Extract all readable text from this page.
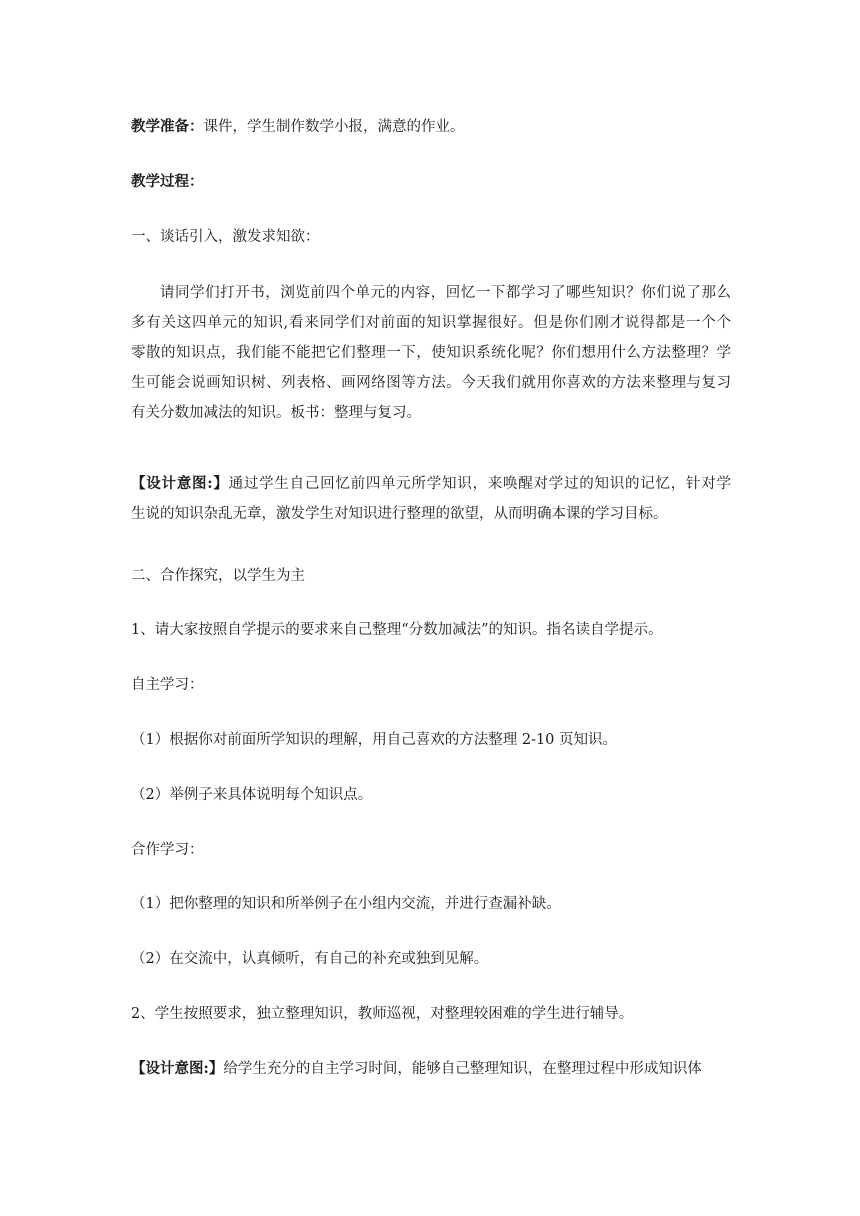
教学准备：课件，学生制作数学小报，满意的作业。
教学过程：
一、谈话引入，激发求知欲：
请同学们打开书，浏览前四个单元的内容，回忆一下都学习了哪些知识？你们说了那么
多有关这四单元的知识,看来同学们对前面的知识掌握很好。但是你们刚才说得都是一个个
零散的知识点，我们能不能把它们整理一下，使知识系统化呢？你们想用什么方法整理？学
生可能会说画知识树、列表格、画网络图等方法。今天我们就用你喜欢的方法来整理与复习
有关分数加减法的知识。板书：整理与复习。
【设计意图:】通过学生自己回忆前四单元所学知识，来唤醒对学过的知识的记忆，针对学
生说的知识杂乱无章，激发学生对知识进行整理的欲望，从而明确本课的学习目标。
二、合作探究，以学生为主
1、请大家按照自学提示的要求来自己整理“分数加减法”的知识。指名读自学提示。
自主学习：
（1）根据你对前面所学知识的理解，用自己喜欢的方法整理 2-10 页知识。
（2）举例子来具体说明每个知识点。
合作学习：
（1）把你整理的知识和所举例子在小组内交流，并进行查漏补缺。
（2）在交流中，认真倾听，有自己的补充或独到见解。
2、学生按照要求，独立整理知识，教师巡视，对整理较困难的学生进行辅导。
【设计意图:】给学生充分的自主学习时间，能够自己整理知识，在整理过程中形成知识体
